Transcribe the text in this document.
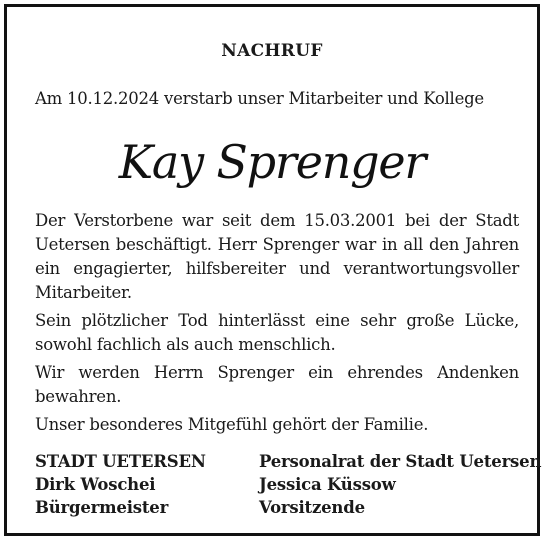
NACHRUF
Am 10.12.2024 verstarb unser Mitarbeiter und Kollege
Kay Sprenger

Der Verstorbene war seit dem 15.03.2001 bei der Stadt Uetersen beschäftigt. Herr Sprenger war in all den Jahren ein engagierter, hilfsbereiter und verantwortungsvoller Mitarbeiter.

Sein plötzlicher Tod hinterlässt eine sehr große Lücke, sowohl fachlich als auch menschlich.

Wir werden Herrn Sprenger ein ehrendes Andenken bewahren.

Unser besonderes Mitgefühl gehört der Familie.

STADT UETERSEN
Dirk Woschei
Bürgermeister
Personalrat der Stadt Uetersen
Jessica Küssow
Vorsitzende
